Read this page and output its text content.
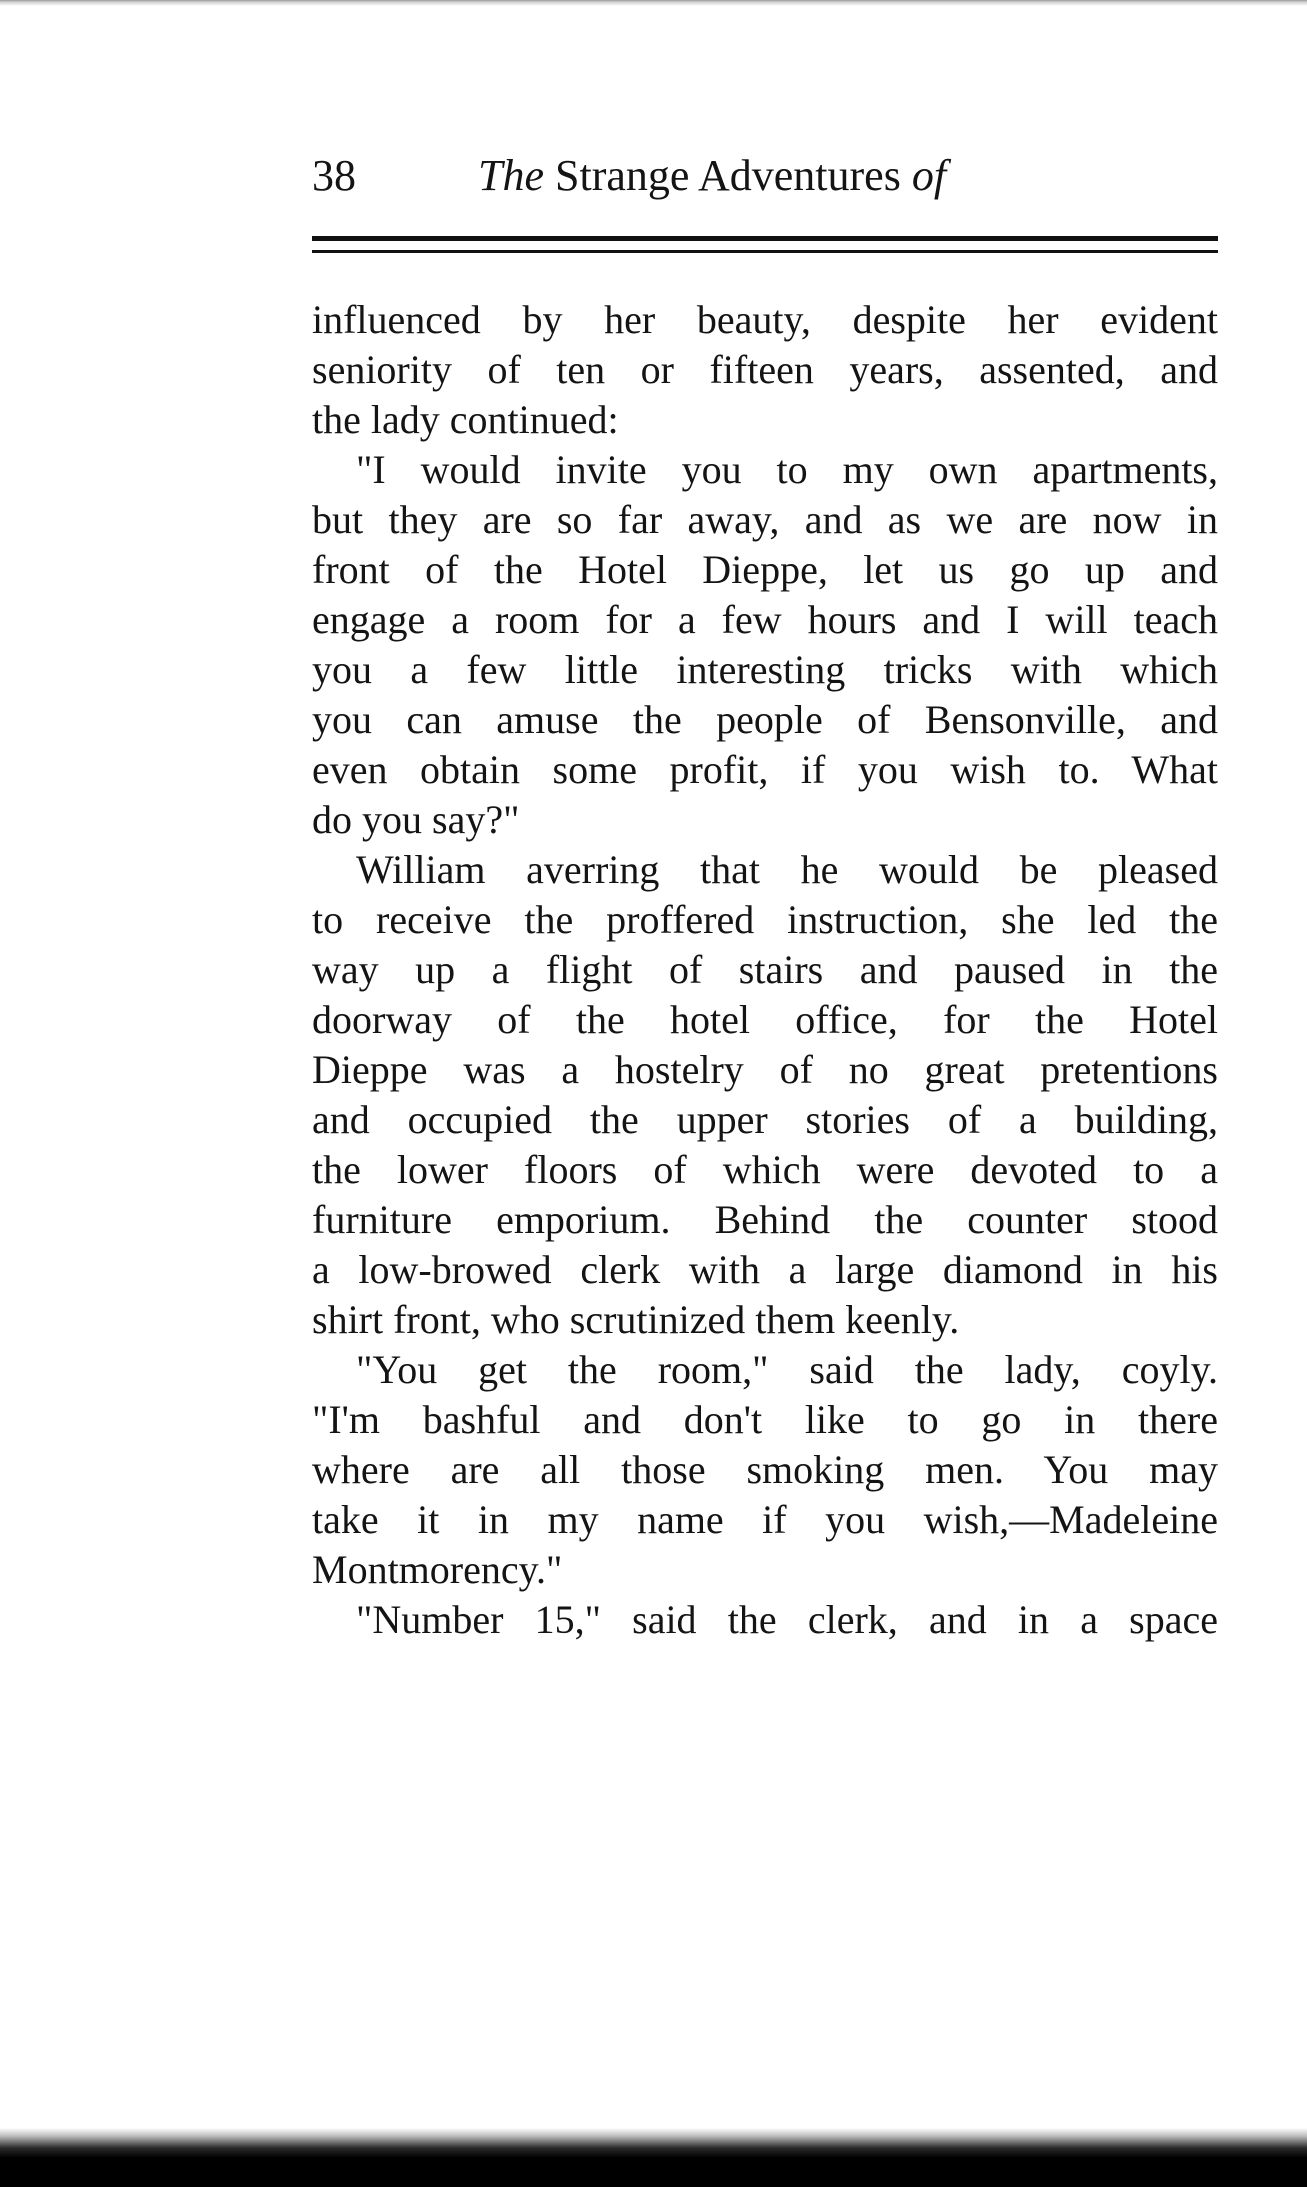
38	The Strange Adventures of
influenced by her beauty, despite her evident
seniority of ten or fifteen years, assented, and
the lady continued:
"I would invite you to my own apartments,
but they are so far away, and as we are now in
front of the Hotel Dieppe, let us go up and
engage a room for a few hours and I will teach
you a few little interesting tricks with which
you can amuse the people of Bensonville, and
even obtain some profit, if you wish to. What
do you say?"
William averring that he would be pleased
to receive the proffered instruction, she led the
way up a flight of stairs and paused in the
doorway of the hotel office, for the Hotel
Dieppe was a hostelry of no great pretentions
and occupied the upper stories of a building,
the lower floors of which were devoted to a
furniture emporium. Behind the counter stood
a low-browed clerk with a large diamond in his
shirt front, who scrutinized them keenly.
"You get the room," said the lady, coyly.
"I'm bashful and don't like to go in there
where are all those smoking men. You may
take it in my name if you wish,—Madeleine
Montmorency."
"Number 15," said the clerk, and in a space
